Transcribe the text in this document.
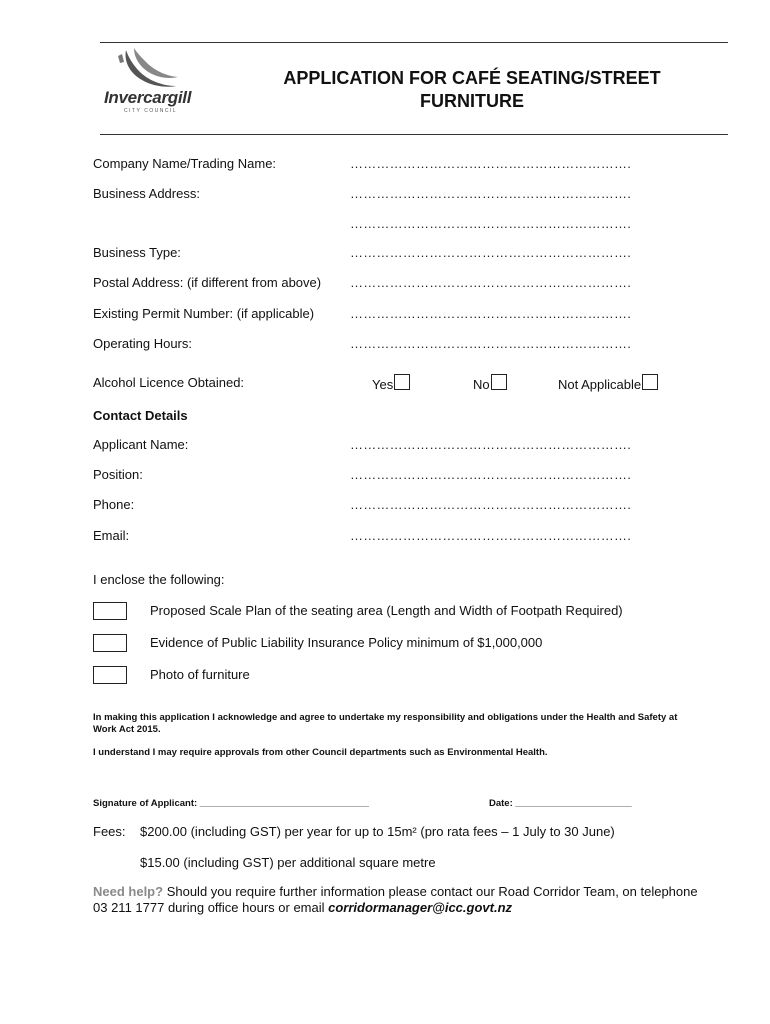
Invercargill
CITY COUNCIL
APPLICATION FOR CAFÉ SEATING/STREET FURNITURE
Company Name/Trading Name:	……………………………………………………….
Business Address:	……………………………………………………….
……………………………………………………….
Business Type:	……………………………………………………….
Postal Address: (if different from above) ……………………………………………………….
Existing Permit Number: (if applicable)	……………………………………………………….
Operating Hours:	……………………………………………………….
Alcohol Licence Obtained:	Yes	No	Not Applicable
Contact Details
Applicant Name:	……………………………………………………….
Position:	……………………………………………………….
Phone:	……………………………………………………….
Email:	……………………………………………………….
I enclose the following:
Proposed Scale Plan of the seating area (Length and Width of Footpath Required)
Evidence of Public Liability Insurance Policy minimum of $1,000,000
Photo of furniture
In making this application I acknowledge and agree to undertake my responsibility and obligations under the Health and Safety at Work Act 2015.
I understand I may require approvals from other Council departments such as Environmental Health.
Signature of Applicant: ________________________________	Date: ______________________
Fees: $200.00 (including GST) per year for up to 15m² (pro rata fees – 1 July to 30 June)
$15.00 (including GST) per additional square metre
Need help? Should you require further information please contact our Road Corridor Team, on telephone 03 211 1777 during office hours or email corridormanager@icc.govt.nz
